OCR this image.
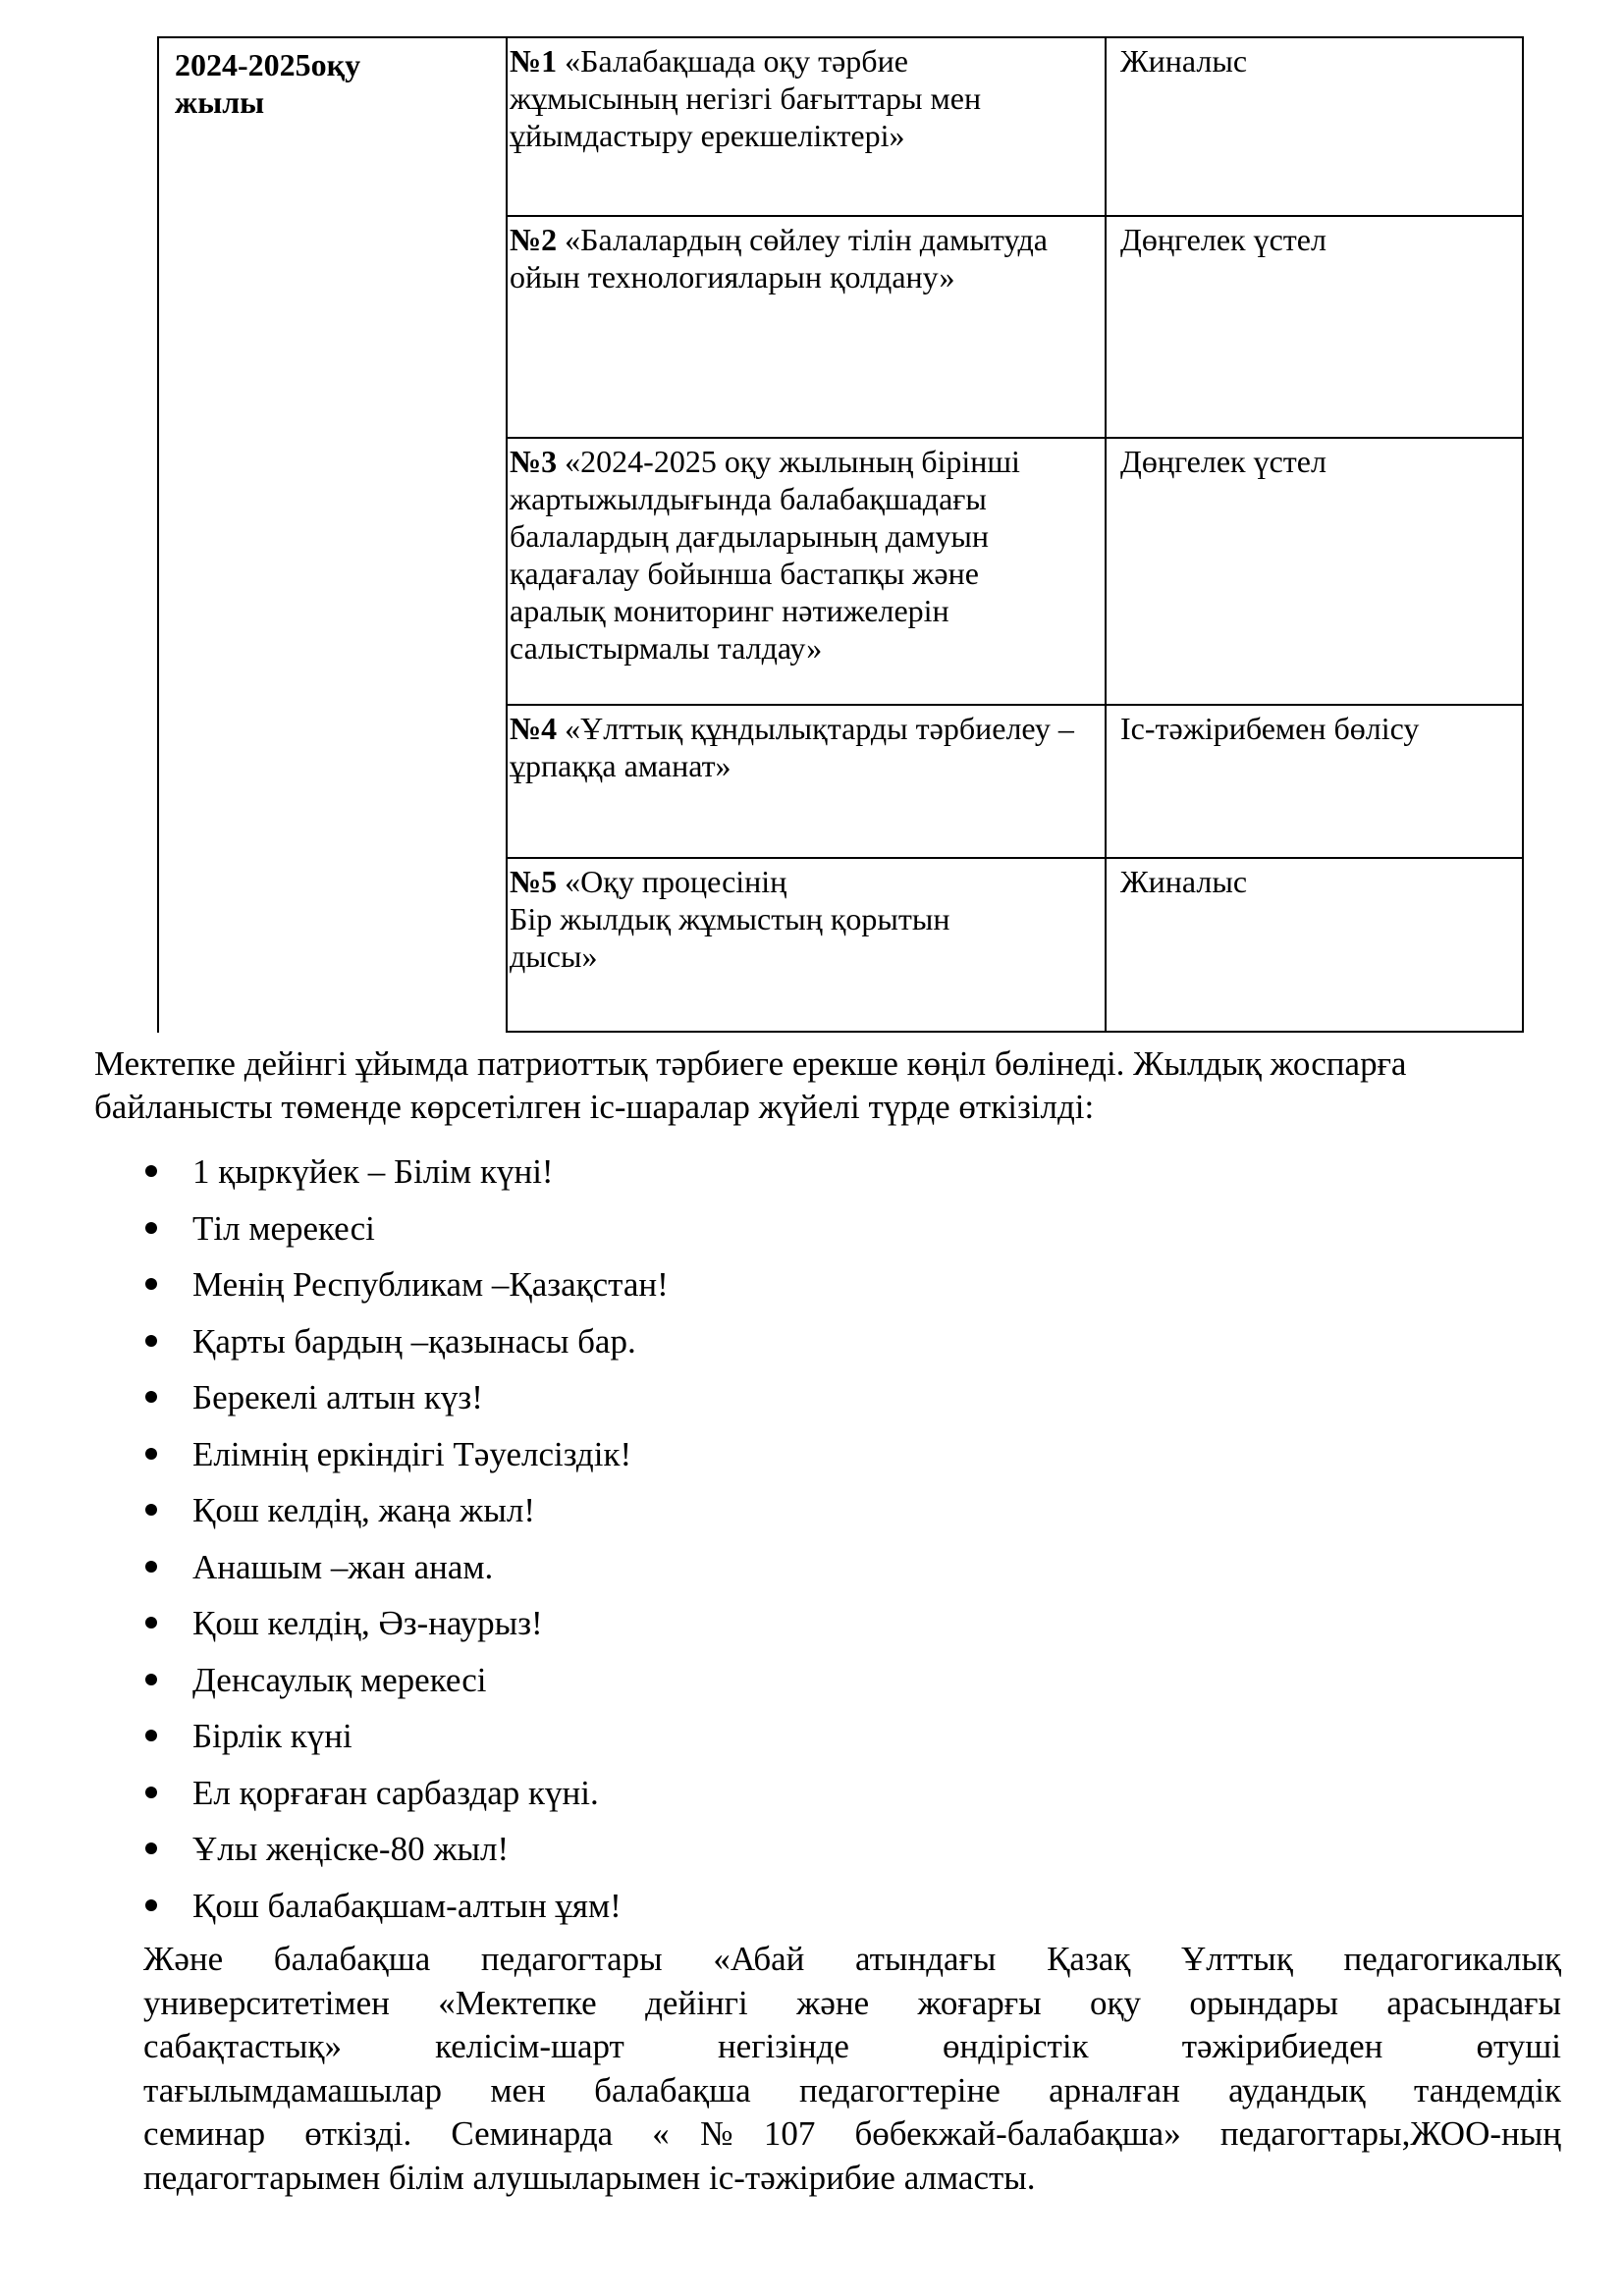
2024-2025оқу
жылы
№1 «Балабақшада оқу тәрбие
жұмысының негізгі бағыттары мен
ұйымдастыру ерекшеліктері»
Жиналыс
№2 «Балалардың сөйлеу тілін дамытуда
ойын технологияларын қолдану»
Дөңгелек үстел
№3 «2024-2025 оқу жылының бірінші
жартыжылдығында балабақшадағы
балалардың дағдыларының дамуын
қадағалау бойынша бастапқы және
аралық мониторинг нәтижелерін
салыстырмалы талдау»
Дөңгелек үстел
№4 «Ұлттық құндылықтарды тәрбиелеу –
ұрпаққа аманат»
Іс-тәжірибемен бөлісу
№5 «Оқу процесінің
Бір жылдық жұмыстың қорытын
дысы»
Жиналыс
Мектепке дейінгі ұйымда патриоттық тәрбиеге ерекше көңіл бөлінеді. Жылдық жоспарға
байланысты төменде көрсетілген іс-шаралар жүйелі түрде өткізілді:
1 қыркүйек – Білім күні!
Тіл мерекесі
Менің Республикам –Қазақстан!
Қарты бардың –қазынасы бар.
Берекелі алтын күз!
Елімнің еркіндігі Тәуелсіздік!
Қош келдің, жаңа жыл!
Анашым –жан анам.
Қош келдің, Әз-наурыз!
Денсаулық мерекесі
Бірлік күні
Ел қорғаған сарбаздар күні.
Ұлы жеңіске-80 жыл!
Қош балабақшам-алтын ұям!
Және балабақша педагогтары «Абай атындағы Қазақ Ұлттық педагогикалық
университетімен «Мектепке дейінгі және жоғарғы оқу орындары арасындағы
сабақтастық» келісім-шарт негізінде өндірістік тәжірибиеден өтуші
тағылымдамашылар мен балабақша педагогтеріне арналған аудандық тандемдік
семинар өткізді. Семинарда «№107 бөбекжай-балабақша» педагогтары,ЖОО-ның
педагогтарымен білім алушыларымен іс-тәжірибие алмасты.
